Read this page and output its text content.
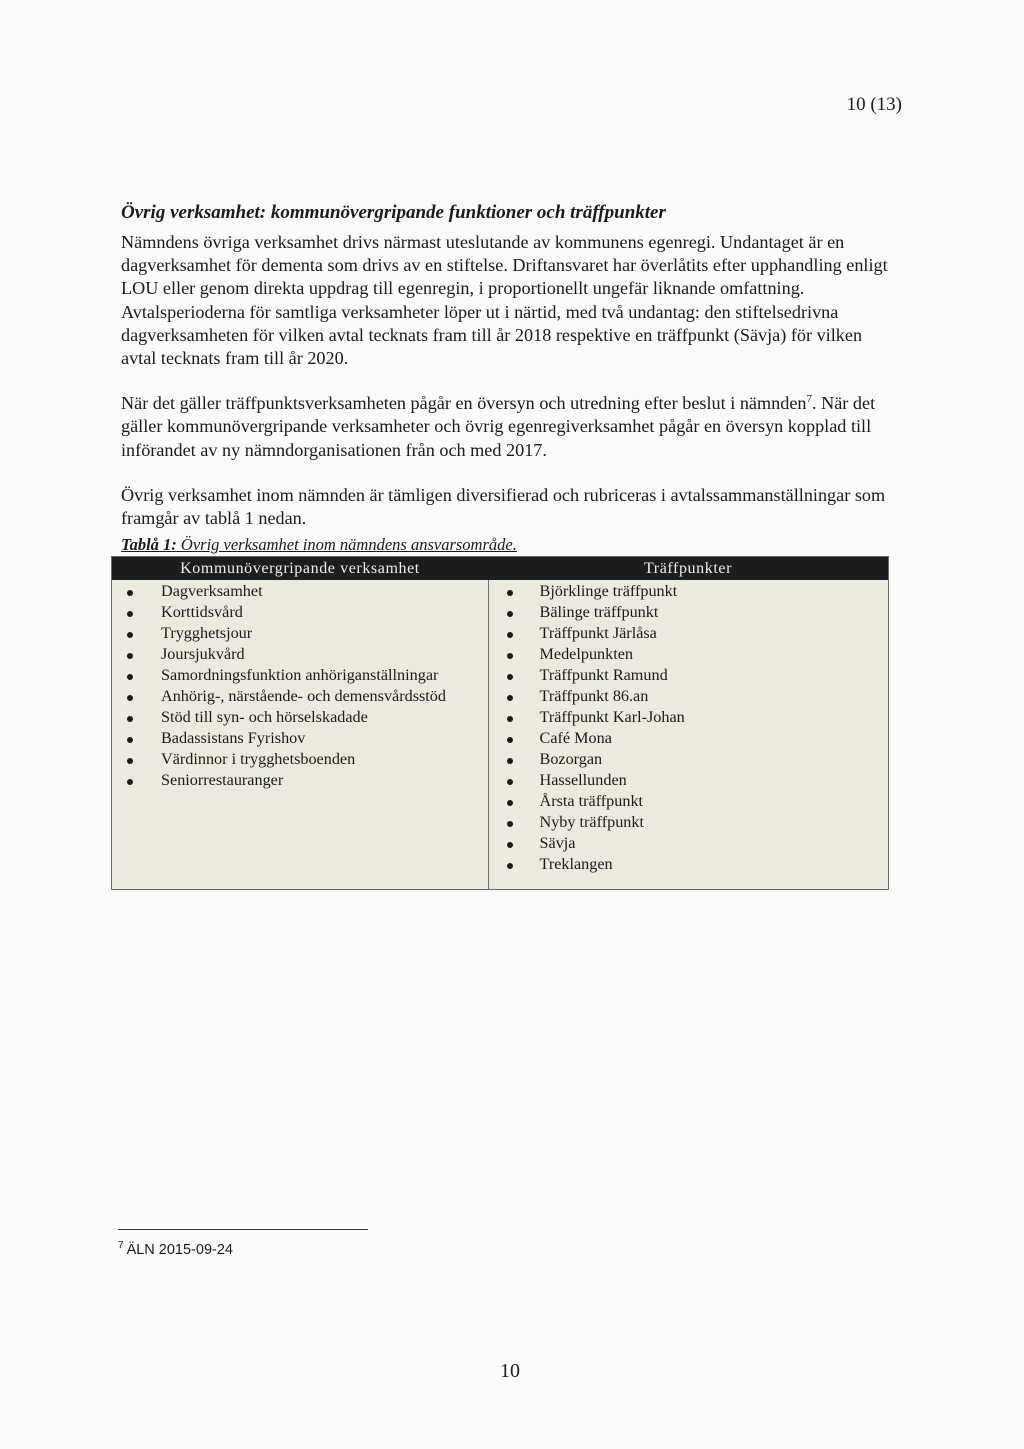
10 (13)
Övrig verksamhet: kommunövergripande funktioner och träffpunkter

Nämndens övriga verksamhet drivs närmast uteslutande av kommunens egenregi. Undantaget är en dagverksamhet för dementa som drivs av en stiftelse. Driftansvaret har överlåtits efter upphandling enligt LOU eller genom direkta uppdrag till egenregin, i proportionellt ungefär liknande omfattning. Avtalsperioderna för samtliga verksamheter löper ut i närtid, med två undantag: den stiftelsedrivna dagverksamheten för vilken avtal tecknats fram till år 2018 respektive en träffpunkt (Sävja) för vilken avtal tecknats fram till år 2020.

När det gäller träffpunktsverksamheten pågår en översyn och utredning efter beslut i nämnden$^7$. När det gäller kommunövergripande verksamheter och övrig egenregiverksamhet pågår en översyn kopplad till införandet av ny nämndorganisationen från och med 2017.

Övrig verksamhet inom nämnden är tämligen diversifierad och rubriceras i avtalssammanställningar som framgår av tablå 1 nedan.

Tablå 1: Övrig verksamhet inom nämndens ansvarsområde.
Kommunövergripande verksamhet	Träffpunkter
Dagverksamhet
Korttidsvård
Trygghetsjour
Joursjukvård
Samordningsfunktion anhöriganställningar
Anhörig-, närstående- och demensvårdsstöd
Stöd till syn- och hörselskadade
Badassistans Fyrishov
Värdinnor i trygghetsboenden
Seniorrestauranger
Björklinge träffpunkt
Bälinge träffpunkt
Träffpunkt Järlåsa
Medelpunkten
Träffpunkt Ramund
Träffpunkt 86.an
Träffpunkt Karl-Johan
Café Mona
Bozorgan
Hassellunden
Årsta träffpunkt
Nyby träffpunkt
Sävja
Treklangen
$^7$ ÄLN 2015-09-24
10
